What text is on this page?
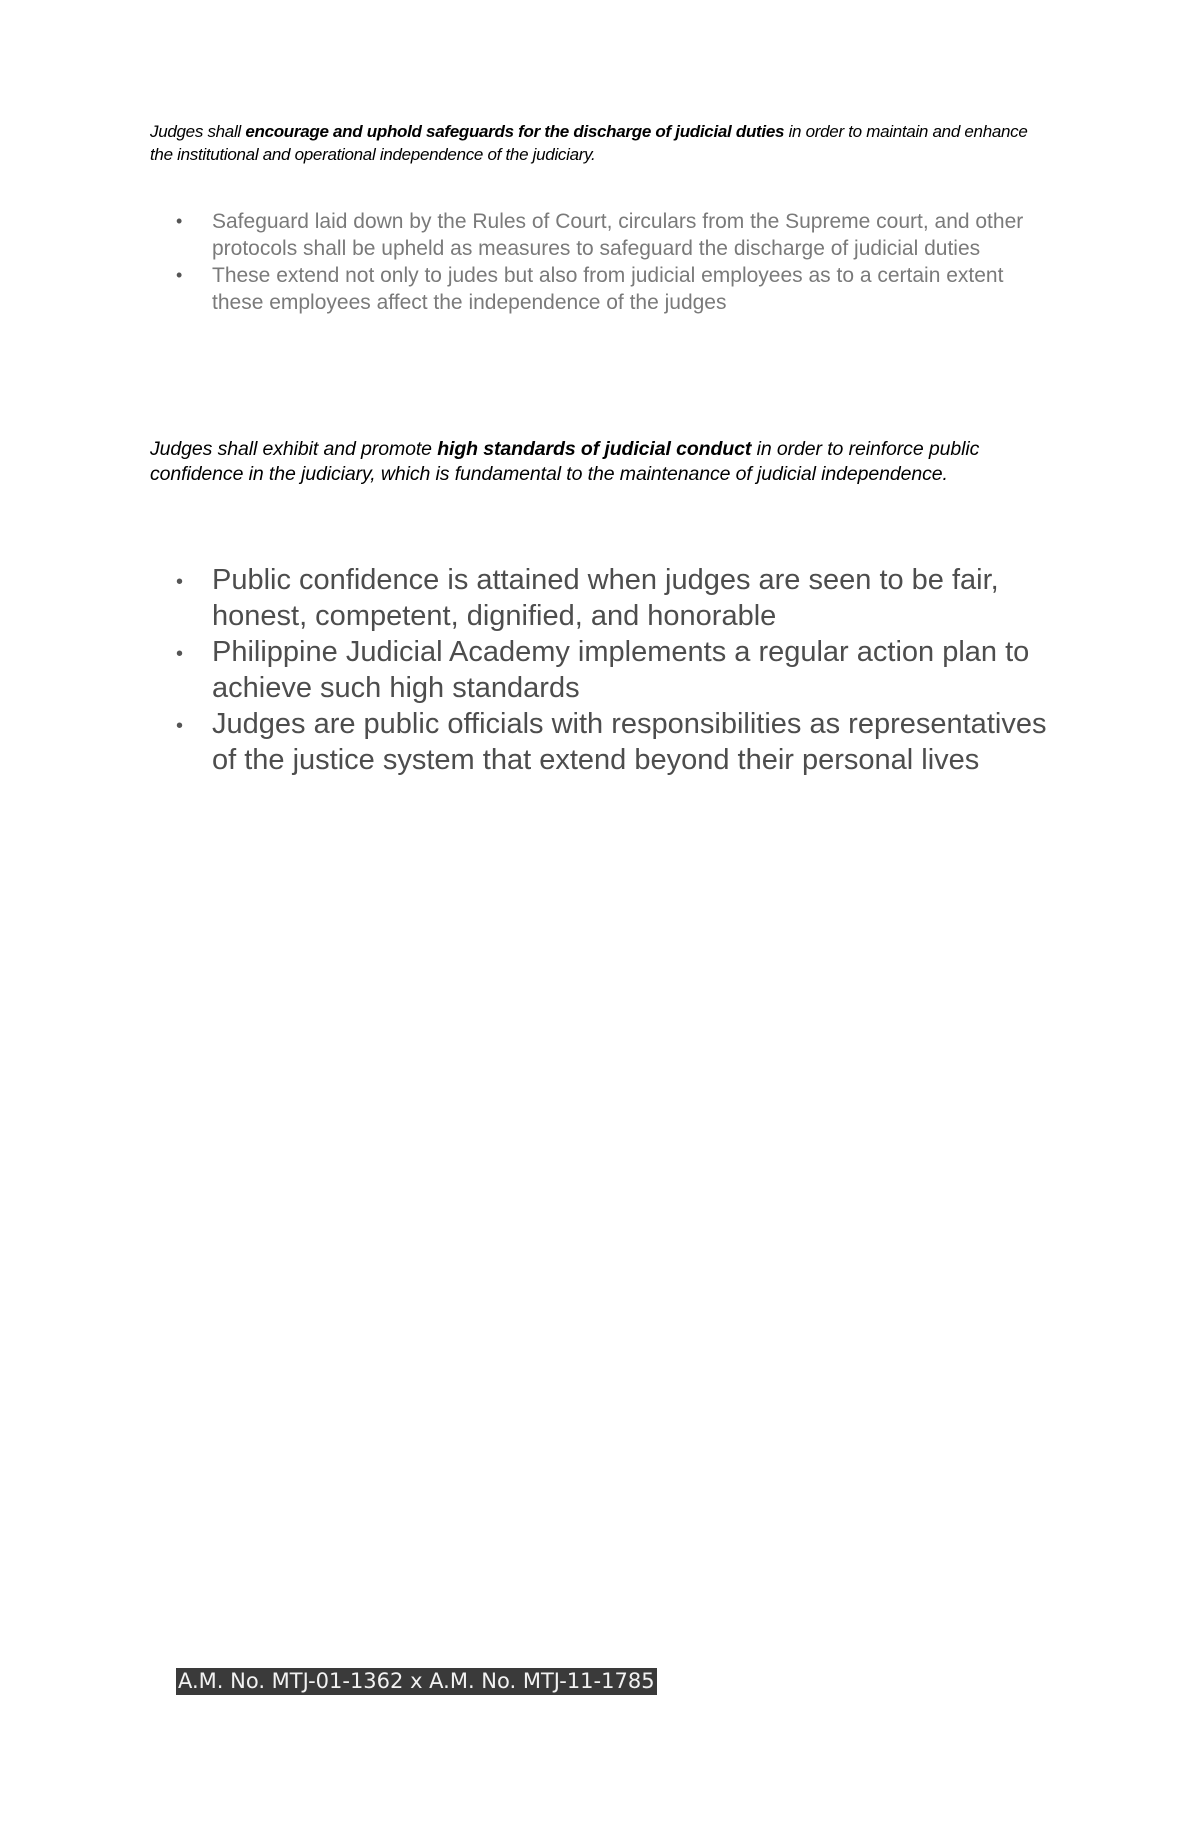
Judges shall encourage and uphold safeguards for the discharge of judicial duties in order to maintain and enhance the institutional and operational independence of the judiciary.

• Safeguard laid down by the Rules of Court, circulars from the Supreme court, and other protocols shall be upheld as measures to safeguard the discharge of judicial duties
• These extend not only to judes but also from judicial employees as to a certain extent these employees affect the independence of the judges

Judges shall exhibit and promote high standards of judicial conduct in order to reinforce public confidence in the judiciary, which is fundamental to the maintenance of judicial independence.

• Public confidence is attained when judges are seen to be fair, honest, competent, dignified, and honorable
• Philippine Judicial Academy implements a regular action plan to achieve such high standards
• Judges are public officials with responsibilities as representatives of the justice system that extend beyond their personal lives
A.M. No. MTJ-01-1362 x A.M. No. MTJ-11-1785
